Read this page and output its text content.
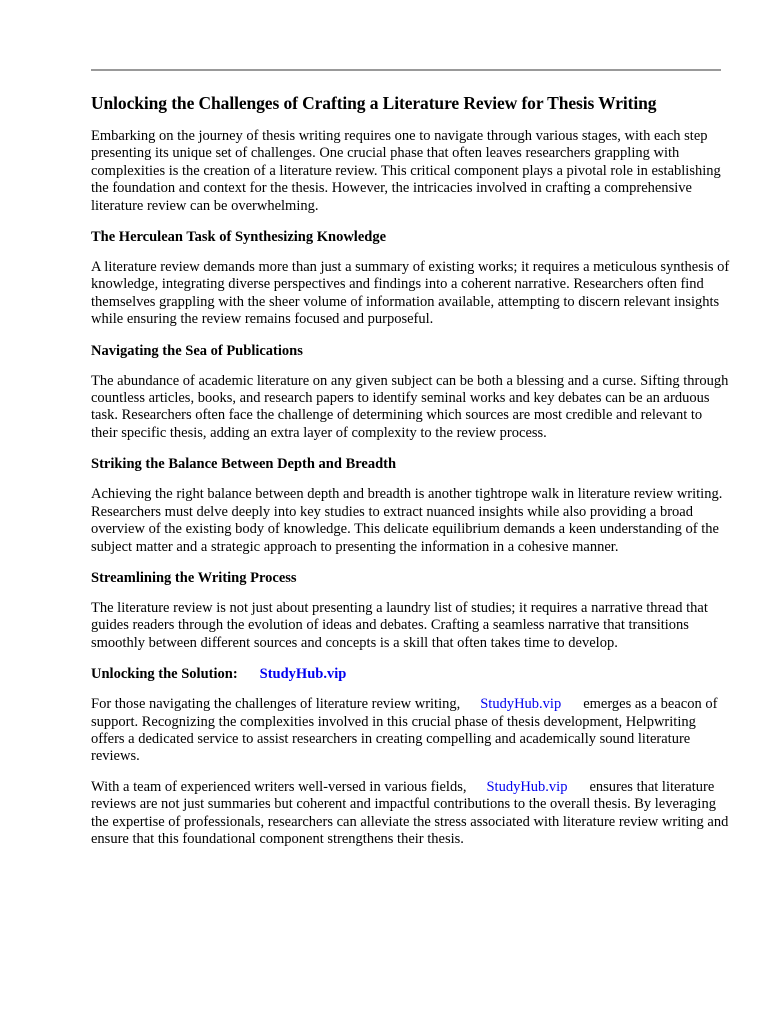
Unlocking the Challenges of Crafting a Literature Review for Thesis Writing

Embarking on the journey of thesis writing requires one to navigate through various stages, with each step presenting its unique set of challenges. One crucial phase that often leaves researchers grappling with complexities is the creation of a literature review. This critical component plays a pivotal role in establishing the foundation and context for the thesis. However, the intricacies involved in crafting a comprehensive literature review can be overwhelming.

The Herculean Task of Synthesizing Knowledge

A literature review demands more than just a summary of existing works; it requires a meticulous synthesis of knowledge, integrating diverse perspectives and findings into a coherent narrative. Researchers often find themselves grappling with the sheer volume of information available, attempting to discern relevant insights while ensuring the review remains focused and purposeful.

Navigating the Sea of Publications

The abundance of academic literature on any given subject can be both a blessing and a curse. Sifting through countless articles, books, and research papers to identify seminal works and key debates can be an arduous task. Researchers often face the challenge of determining which sources are most credible and relevant to their specific thesis, adding an extra layer of complexity to the review process.

Striking the Balance Between Depth and Breadth

Achieving the right balance between depth and breadth is another tightrope walk in literature review writing. Researchers must delve deeply into key studies to extract nuanced insights while also providing a broad overview of the existing body of knowledge. This delicate equilibrium demands a keen understanding of the subject matter and a strategic approach to presenting the information in a cohesive manner.

Streamlining the Writing Process

The literature review is not just about presenting a laundry list of studies; it requires a narrative thread that guides readers through the evolution of ideas and debates. Crafting a seamless narrative that transitions smoothly between different sources and concepts is a skill that often takes time to develop.

Unlocking the Solution: StudyHub.vip

For those navigating the challenges of literature review writing, StudyHub.vip emerges as a beacon of support. Recognizing the complexities involved in this crucial phase of thesis development, Helpwriting offers a dedicated service to assist researchers in creating compelling and academically sound literature reviews.

With a team of experienced writers well-versed in various fields, StudyHub.vip ensures that literature reviews are not just summaries but coherent and impactful contributions to the overall thesis. By leveraging the expertise of professionals, researchers can alleviate the stress associated with literature review writing and ensure that this foundational component strengthens their thesis.
